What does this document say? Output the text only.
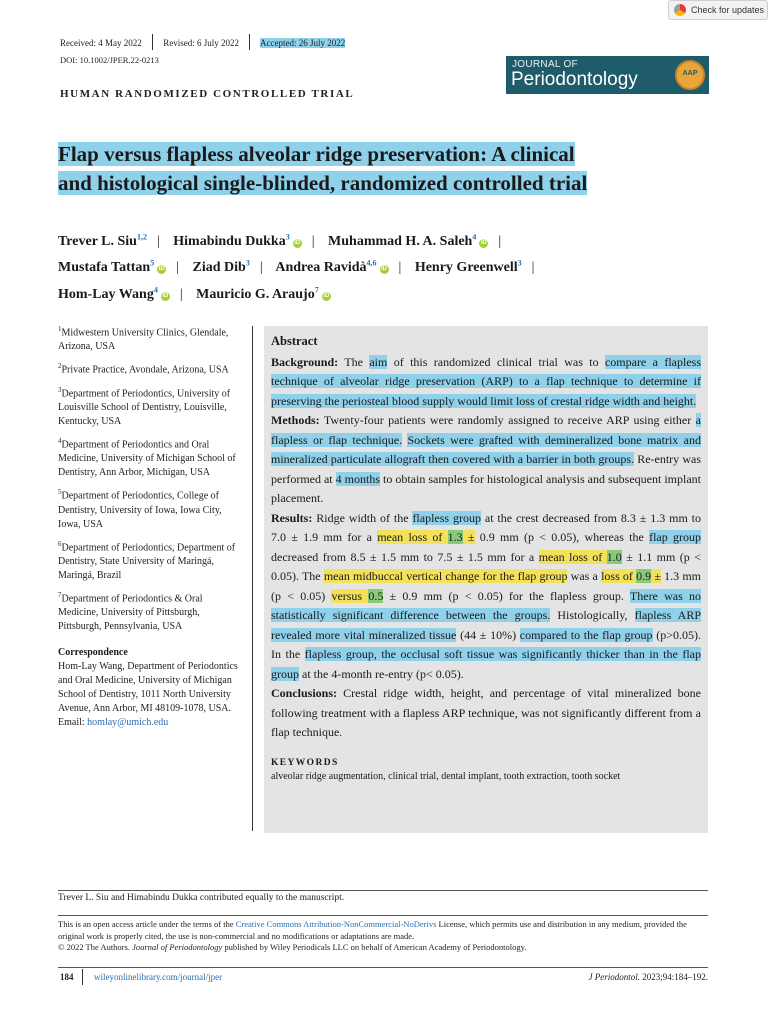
Check for updates
Received: 4 May 2022 Revised: 6 July 2022 Accepted: 26 July 2022
DOI: 10.1002/JPER.22-0213	JOURNAL OF
Periodontology	AAP
HUMAN RANDOMIZED CONTROLLED TRIAL
Flap versus flapless alveolar ridge preservation: A clinical
and histological single-blinded, randomized controlled trial
Trever L. Siu$^{1,2}$ | Himabindu Dukka$^3$iD | Muhammad H. A. Saleh$^4$iD |
Mustafa Tattan$^5$iD | Ziad Dib$^3$ | Andrea Ravidà$^{4,6}$iD | Henry Greenwell$^3$ |
Hom-Lay Wang$^4$iD | Mauricio G. Araujo$^7$iD
$^1$Midwestern University Clinics, Glendale, Arizona, USA
$^2$Private Practice, Avondale, Arizona, USA
$^3$Department of Periodontics, University of Louisville School of Dentistry, Louisville, Kentucky, USA
$^4$Department of Periodontics and Oral Medicine, University of Michigan School of Dentistry, Ann Arbor, Michigan, USA
$^5$Department of Periodontics, College of Dentistry, University of Iowa, Iowa City, Iowa, USA
$^6$Department of Periodontics, Department of Dentistry, State University of Maringá, Maringá, Brazil
$^7$Department of Periodontics & Oral Medicine, University of Pittsburgh, Pittsburgh, Pennsylvania, USA
Correspondence
Hom-Lay Wang, Department of Periodontics and Oral Medicine, University of Michigan School of Dentistry, 1011 North University Avenue, Ann Arbor, MI 48109-1078, USA.
Email: homlay@umich.edu

Abstract

Background: The aim of this randomized clinical trial was to compare a flapless technique of alveolar ridge preservation (ARP) to a flap technique to determine if preserving the periosteal blood supply would limit loss of crestal ridge width and height.

Methods: Twenty-four patients were randomly assigned to receive ARP using either a flapless or flap technique. Sockets were grafted with demineralized bone matrix and mineralized particulate allograft then covered with a barrier in both groups. Re-entry was performed at 4 months to obtain samples for histological analysis and subsequent implant placement.

Results: Ridge width of the flapless group at the crest decreased from 8.3 ± 1.3 mm to 7.0 ± 1.9 mm for a mean loss of 1.3 ± 0.9 mm (p < 0.05), whereas the flap group decreased from 8.5 ± 1.5 mm to 7.5 ± 1.5 mm for a mean loss of 1.0 ± 1.1 mm (p < 0.05). The mean midbuccal vertical change for the flap group was a loss of 0.9 ± 1.3 mm (p < 0.05) versus 0.5 ± 0.9 mm (p < 0.05) for the flapless group. There was no statistically significant difference between the groups. Histologically, flapless ARP revealed more vital mineralized tissue (44 ± 10%) compared to the flap group (p>0.05). In the flapless group, the occlusal soft tissue was significantly thicker than in the flap group at the 4-month re-entry (p< 0.05).

Conclusions: Crestal ridge width, height, and percentage of vital mineralized bone following treatment with a flapless ARP technique, was not significantly different from a flap technique.

KEYWORDS

alveolar ridge augmentation, clinical trial, dental implant, tooth extraction, tooth socket

Trever L. Siu and Himabindu Dukka contributed equally to the manuscript.
This is an open access article under the terms of the Creative Commons Attribution-NonCommercial-NoDerivs License, which permits use and distribution in any medium, provided the original work is properly cited, the use is non-commercial and no modifications or adaptations are made.
© 2022 The Authors. Journal of Periodontology published by Wiley Periodicals LLC on behalf of American Academy of Periodontology.
184 wileyonlinelibrary.com/journal/jper	J Periodontol. 2023;94:184–192.
